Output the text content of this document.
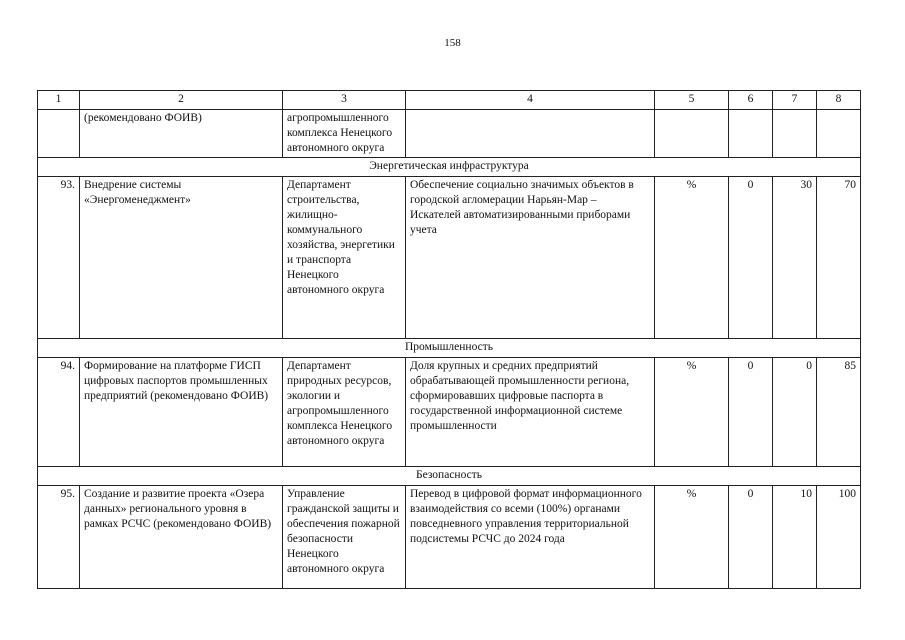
158
1	2	3	4	5	6	7	8
	(рекомендовано ФОИВ)	агропромышленного комплекса Ненецкого автономного округа					
Энергетическая инфраструктура							
93.	Внедрение системы «Энергоменеджмент»	Департамент строительства, жилищно-коммунального хозяйства, энергетики и транспорта Ненецкого автономного округа	Обеспечение социально значимых объектов в городской агломерации Нарьян-Мар – Искателей автоматизированными приборами учета	%	0	30	70
Промышленность							
94.	Формирование на платформе ГИСП цифровых паспортов промышленных предприятий (рекомендовано ФОИВ)	Департамент природных ресурсов, экологии и агропромышленного комплекса Ненецкого автономного округа	Доля крупных и средних предприятий обрабатывающей промышленности региона, сформировавших цифровые паспорта в государственной информационной системе промышленности	%	0	0	85
Безопасность							
95.	Создание и развитие проекта «Озера данных» регионального уровня в рамках РСЧС (рекомендовано ФОИВ)	Управление гражданской защиты и обеспечения пожарной безопасности Ненецкого автономного округа	Перевод в цифровой формат информационного взаимодействия со всеми (100%) органами повседневного управления территориальной подсистемы РСЧС до 2024 года	%	0	10	100
